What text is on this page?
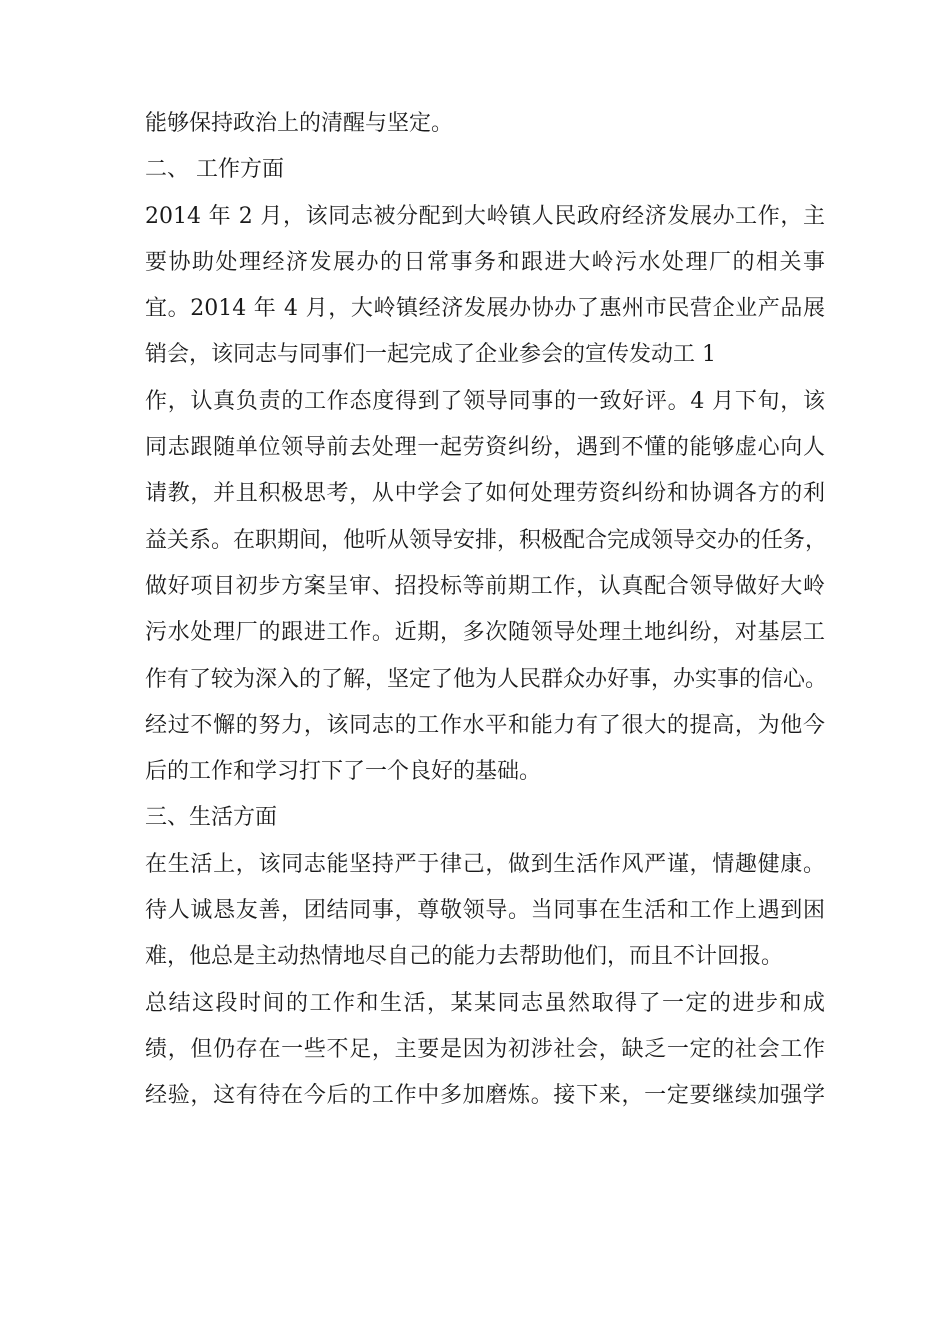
能够保持政治上的清醒与坚定。
二、 工作方面
2014 年 2 月，该同志被分配到大岭镇人民政府经济发展办工作，主
要协助处理经济发展办的日常事务和跟进大岭污水处理厂的相关事
宜。2014 年 4 月，大岭镇经济发展办协办了惠州市民营企业产品展
销会，该同志与同事们一起完成了企业参会的宣传发动工 1
作，认真负责的工作态度得到了领导同事的一致好评。4 月下旬，该
同志跟随单位领导前去处理一起劳资纠纷，遇到不懂的能够虚心向人
请教，并且积极思考，从中学会了如何处理劳资纠纷和协调各方的利
益关系。在职期间，他听从领导安排，积极配合完成领导交办的任务，
做好项目初步方案呈审、招投标等前期工作，认真配合领导做好大岭
污水处理厂的跟进工作。近期，多次随领导处理土地纠纷，对基层工
作有了较为深入的了解，坚定了他为人民群众办好事，办实事的信心。
经过不懈的努力，该同志的工作水平和能力有了很大的提高，为他今
后的工作和学习打下了一个良好的基础。
三、生活方面
在生活上，该同志能坚持严于律己，做到生活作风严谨，情趣健康。
待人诚恳友善，团结同事，尊敬领导。当同事在生活和工作上遇到困
难，他总是主动热情地尽自己的能力去帮助他们，而且不计回报。
总结这段时间的工作和生活，某某同志虽然取得了一定的进步和成
绩，但仍存在一些不足，主要是因为初涉社会，缺乏一定的社会工作
经验，这有待在今后的工作中多加磨炼。接下来，一定要继续加强学
